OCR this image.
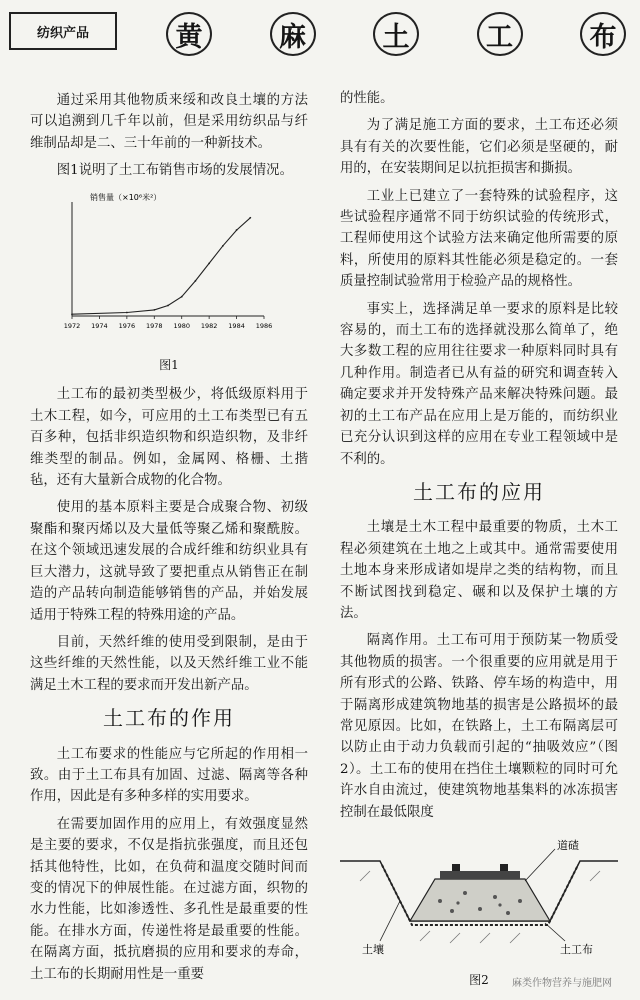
纺织产品	黄	麻	土	工	布

通过采用其他物质来绥和改良土壤的方法可以追溯到几千年以前，但是采用纺织品与纤维制品却是二、三十年前的一种新技术。

图1说明了土工布销售市场的发展情况。

销售量（×10⁶米²）
1972 1974 1976 1978 1980 1982 1984 1986
图1

土工布的最初类型极少，将低级原料用于土木工程，如今，可应用的土工布类型已有五百多种，包括非织造织物和织造织物，及非纤维类型的制品。例如，金属网、格栅、土揩毡，还有大量新合成物的化合物。

使用的基本原料主要是合成聚合物、初级聚酯和聚丙烯以及大量低等聚乙烯和聚酰胺。在这个领域迅速发展的合成纤维和纺织业具有巨大潜力，这就导致了要把重点从销售正在制造的产品转向制造能够销售的产品，并始发展适用于特殊工程的特殊用途的产品。

目前，天然纤维的使用受到限制，是由于这些纤维的天然性能，以及天然纤维工业不能满足土木工程的要求而开发出新产品。

土工布的作用

土工布要求的性能应与它所起的作用相一致。由于土工布具有加固、过滤、隔离等各种作用，因此是有多种多样的实用要求。

在需要加固作用的应用上，有效强度显然是主要的要求，不仅是指抗张强度，而且还包括其他特性，比如，在负荷和温度交随时间而变的情况下的伸展性能。在过滤方面，织物的水力性能，比如渗透性、多孔性是最重要的性能。在排水方面，传递性将是最重要的性能。在隔离方面，抵抗磨损的应用和要求的寿命，土工布的长期耐用性是一重要

的性能。

为了满足施工方面的要求，土工布还必须具有有关的次要性能，它们必须是坚硬的，耐用的，在安装期间足以抗拒损害和撕损。

工业上已建立了一套特殊的试验程序，这些试验程序通常不同于纺织试验的传统形式，工程师使用这个试验方法来确定他所需要的原料，所使用的原料其性能必须是稳定的。一套质量控制试验常用于检验产品的规格性。

事实上，选择满足单一要求的原料是比较容易的，而土工布的选择就没那么简单了，绝大多数工程的应用往往要求一种原料同时具有几种作用。制造者已从有益的研究和调查转入确定要求并开发特殊产品来解决特殊问题。最初的土工布产品在应用上是万能的，而纺织业已充分认识到这样的应用在专业工程领域中是不利的。

土工布的应用

土壤是土木工程中最重要的物质，土木工程必须建筑在土地之上或其中。通常需要使用土地本身来形成诸如堤岸之类的结构物，而且不断试图找到稳定、碾和以及保护土壤的方法。

隔离作用。土工布可用于预防某一物质受其他物质的损害。一个很重要的应用就是用于所有形式的公路、铁路、停车场的构造中，用于隔离形成建筑物地基的损害是公路损坏的最常见原因。比如，在铁路上，土工布隔离层可以防止由于动力负载而引起的“抽吸效应”（图2）。土工布的使用在挡住土壤颗粒的同时可允许水自由流过，使建筑物地基集料的冰冻损害控制在最低限度

道碴
土工布
土壤
图2	麻类作物营养与施肥网
